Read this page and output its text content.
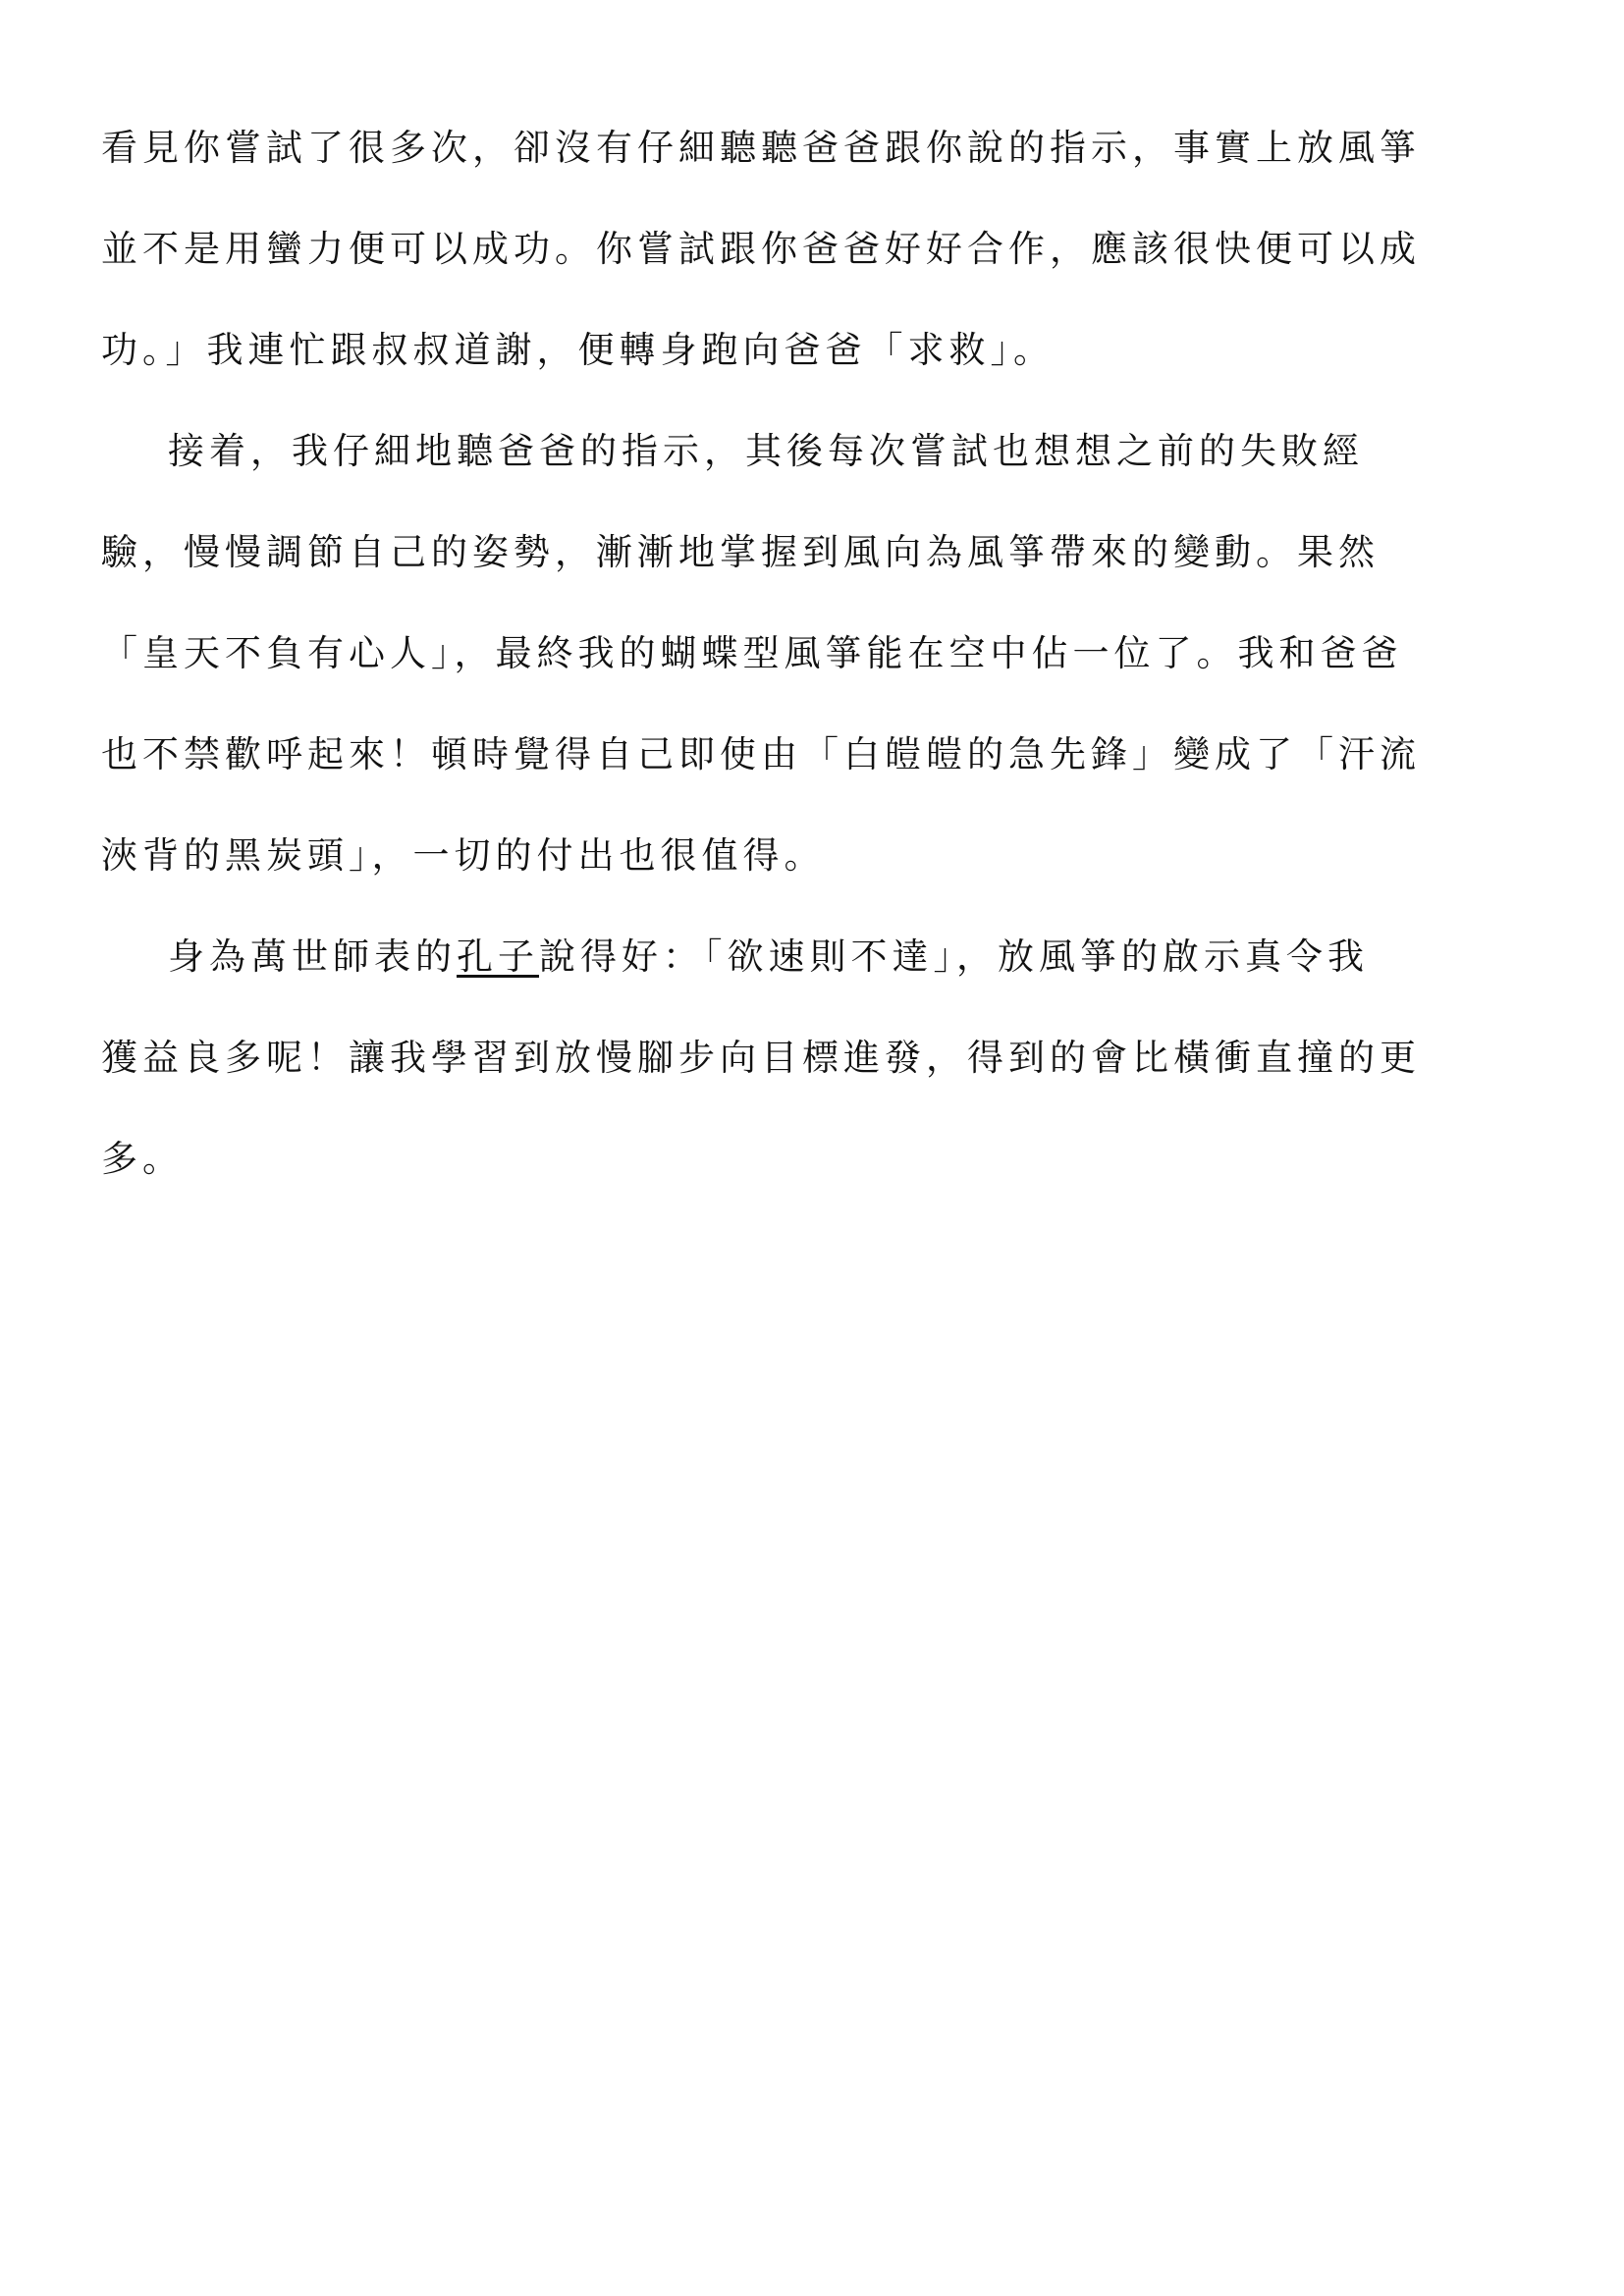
看見你嘗試了很多次，卻沒有仔細聽聽爸爸跟你說的指示，事實上放風箏
並不是用蠻力便可以成功。你嘗試跟你爸爸好好合作，應該很快便可以成
功。」我連忙跟叔叔道謝，便轉身跑向爸爸「求救」。
接着，我仔細地聽爸爸的指示，其後每次嘗試也想想之前的失敗經
驗，慢慢調節自己的姿勢，漸漸地掌握到風向為風箏帶來的變動。果然
「皇天不負有心人」，最終我的蝴蝶型風箏能在空中佔一位了。我和爸爸
也不禁歡呼起來！頓時覺得自己即使由「白皚皚的急先鋒」變成了「汗流
浹背的黑炭頭」，一切的付出也很值得。
身為萬世師表的孔子說得好：「欲速則不達」，放風箏的啟示真令我
獲益良多呢！讓我學習到放慢腳步向目標進發，得到的會比橫衝直撞的更
多。
